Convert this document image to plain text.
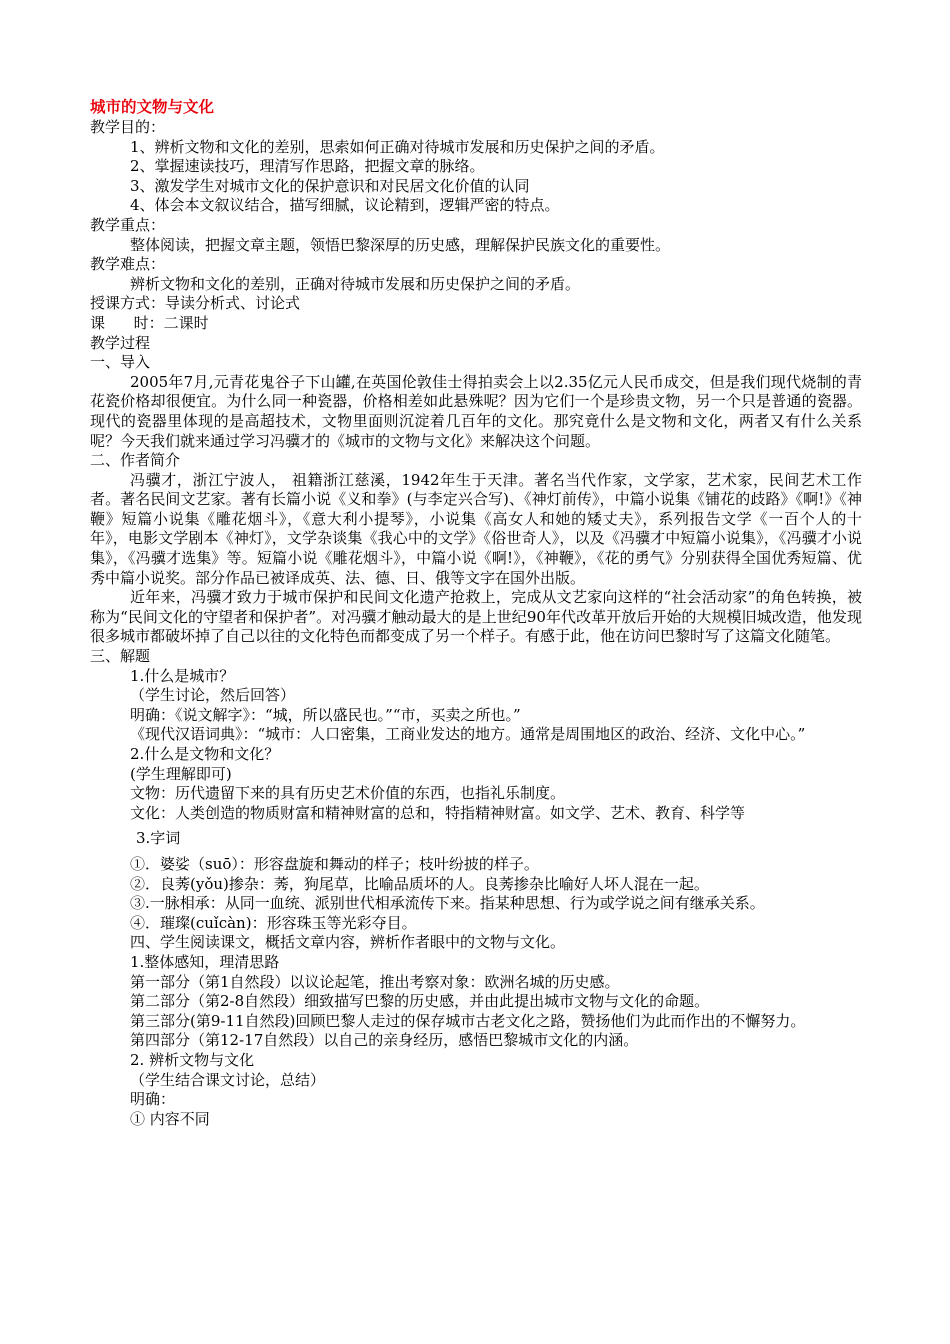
城市的文物与文化
教学目的：
1、辨析文物和文化的差别，思索如何正确对待城市发展和历史保护之间的矛盾。
2、掌握速读技巧，理清写作思路，把握文章的脉络。
3、激发学生对城市文化的保护意识和对民居文化价值的认同
4、体会本文叙议结合，描写细腻，议论精到，逻辑严密的特点。
教学重点：
整体阅读，把握文章主题，领悟巴黎深厚的历史感，理解保护民族文化的重要性。
教学难点：
辨析文物和文化的差别，正确对待城市发展和历史保护之间的矛盾。
授课方式：导读分析式、讨论式
课      时：二课时
教学过程
一、导入
2005年7月,元青花鬼谷子下山罐,在英国伦敦佳士得拍卖会上以2.35亿元人民币成交，但是我们现代烧制的青花瓷价格却很便宜。为什么同一种瓷器，价格相差如此悬殊呢？因为它们一个是珍贵文物，另一个只是普通的瓷器。现代的瓷器里体现的是高超技术，文物里面则沉淀着几百年的文化。那究竟什么是文物和文化，两者又有什么关系呢？今天我们就来通过学习冯骥才的《城市的文物与文化》来解决这个问题。
二、作者简介
冯骥才，浙江宁波人， 祖籍浙江慈溪，1942年生于天津。著名当代作家，文学家，艺术家，民间艺术工作者。著名民间文艺家。著有长篇小说《义和拳》(与李定兴合写)、《神灯前传》，中篇小说集《铺花的歧路》《啊!》《神鞭》短篇小说集《雕花烟斗》，《意大利小提琴》，小说集《高女人和她的矮丈夫》，系列报告文学《一百个人的十年》，电影文学剧本《神灯》，文学杂谈集《我心中的文学》《俗世奇人》，以及《冯骥才中短篇小说集》，《冯骥才小说集》，《冯骥才选集》等。短篇小说《雕花烟斗》，中篇小说《啊!》，《神鞭》，《花的勇气》分别获得全国优秀短篇、优秀中篇小说奖。部分作品已被译成英、法、德、日、俄等文字在国外出版。
近年来，冯骥才致力于城市保护和民间文化遗产抢救上，完成从文艺家向这样的“社会活动家”的角色转换，被称为“民间文化的守望者和保护者”。对冯骥才触动最大的是上世纪90年代改革开放后开始的大规模旧城改造，他发现很多城市都破坏掉了自己以往的文化特色而都变成了另一个样子。有感于此，他在访问巴黎时写了这篇文化随笔。
三、解题
1.什么是城市？
（学生讨论，然后回答）
明确：《说文解字》：“城，所以盛民也。”“市，买卖之所也。”
《现代汉语词典》：“城市：人口密集，工商业发达的地方。通常是周围地区的政治、经济、文化中心。”
2.什么是文物和文化？
(学生理解即可)
文物：历代遗留下来的具有历史艺术价值的东西，也指礼乐制度。
文化：人类创造的物质财富和精神财富的总和，特指精神财富。如文学、艺术、教育、科学等
3.字词
①．婆娑（suō）：形容盘旋和舞动的样子；枝叶纷披的样子。
②．良莠(yǒu)掺杂：莠，狗尾草，比喻品质坏的人。良莠掺杂比喻好人坏人混在一起。
③.一脉相承：从同一血统、派别世代相承流传下来。指某种思想、行为或学说之间有继承关系。
④．璀璨(cuǐcàn)：形容珠玉等光彩夺目。
四、学生阅读课文，概括文章内容，辨析作者眼中的文物与文化。
1.整体感知，理清思路
第一部分（第1自然段）以议论起笔，推出考察对象：欧洲名城的历史感。
第二部分（第2-8自然段）细致描写巴黎的历史感，并由此提出城市文物与文化的命题。
第三部分(第9-11自然段)回顾巴黎人走过的保存城市古老文化之路，赞扬他们为此而作出的不懈努力。
第四部分（第12-17自然段）以自己的亲身经历，感悟巴黎城市文化的内涵。
2. 辨析文物与文化
（学生结合课文讨论，总结）
明确：
① 内容不同
